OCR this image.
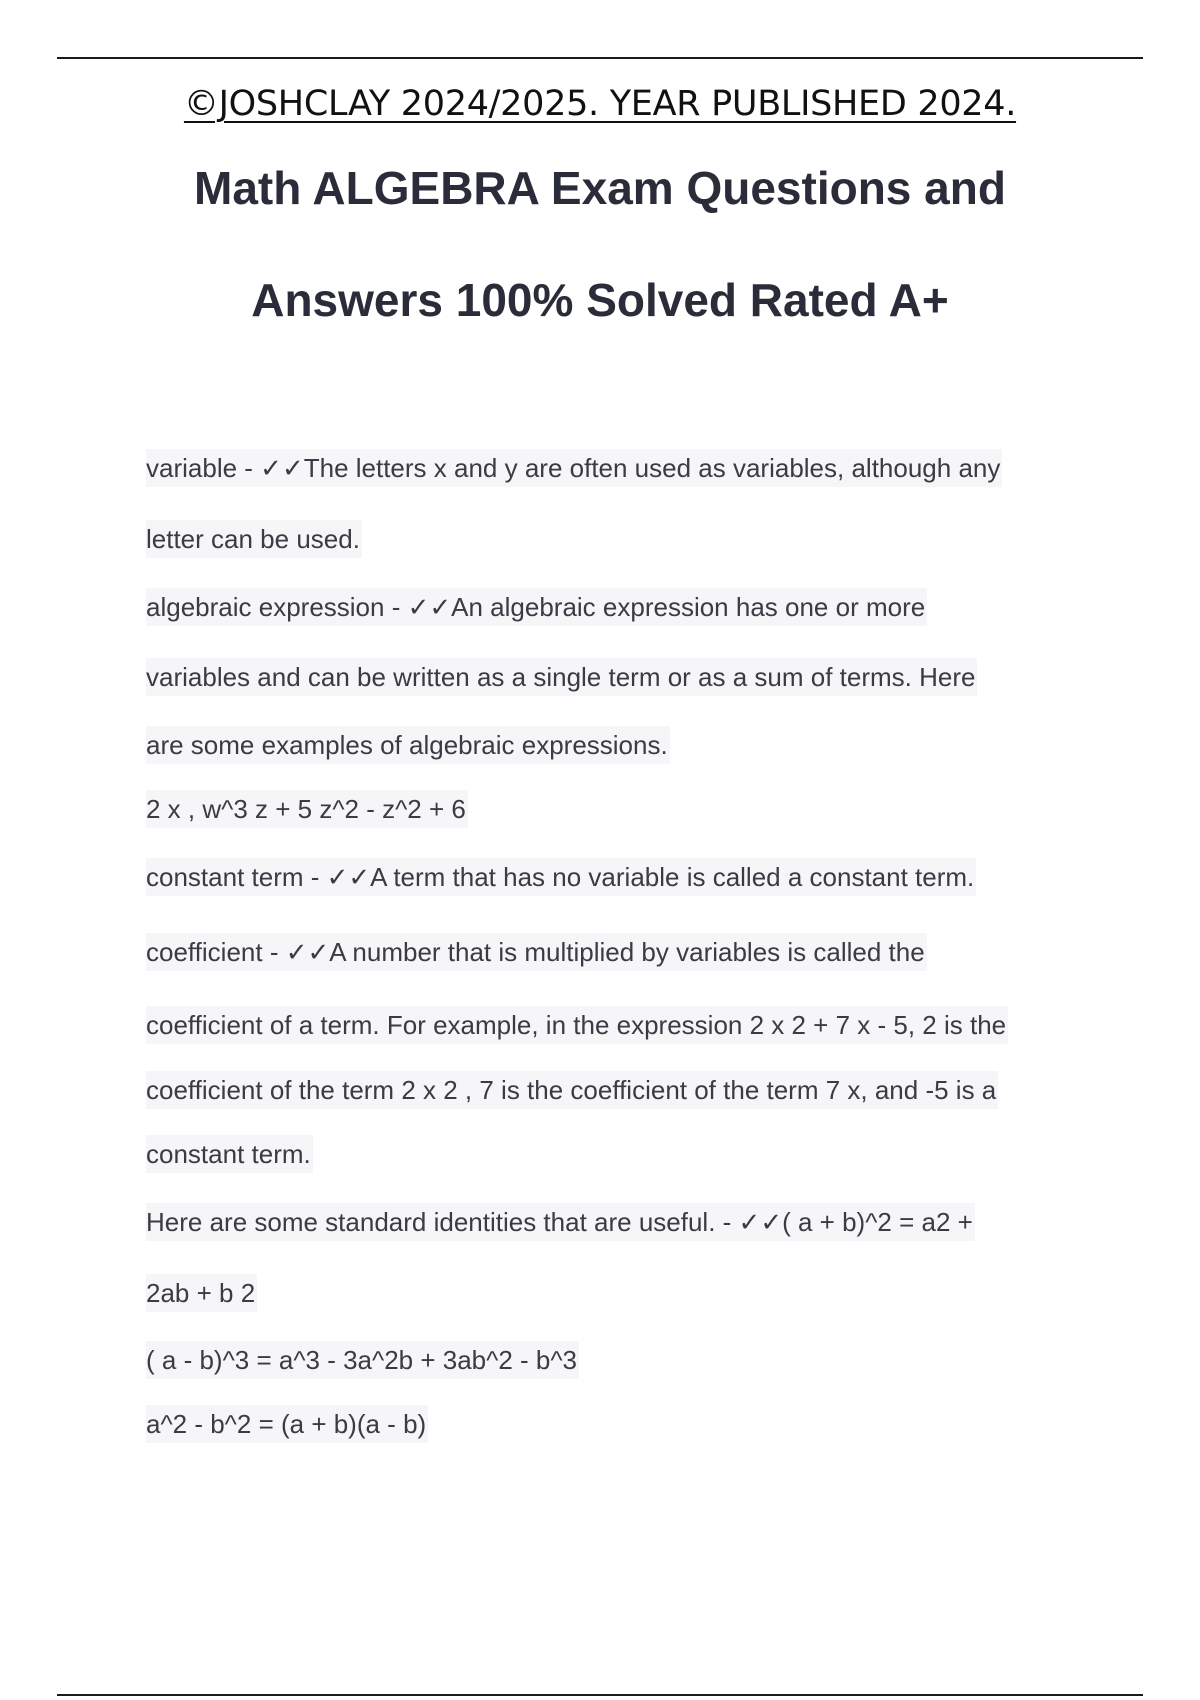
©JOSHCLAY 2024/2025. YEAR PUBLISHED 2024.
Math ALGEBRA Exam Questions and
Answers 100% Solved Rated A+
variable - ✓✓The letters x and y are often used as variables, although any
letter can be used.
algebraic expression - ✓✓An algebraic expression has one or more
variables and can be written as a single term or as a sum of terms. Here
are some examples of algebraic expressions.
2 x , w^3 z + 5 z^2 - z^2 + 6
constant term - ✓✓A term that has no variable is called a constant term.
coefficient - ✓✓A number that is multiplied by variables is called the
coefficient of a term. For example, in the expression 2 x 2 + 7 x - 5, 2 is the
coefficient of the term 2 x 2 , 7 is the coefficient of the term 7 x, and -5 is a
constant term.
Here are some standard identities that are useful. - ✓✓( a + b)^2 = a2 +
2ab + b 2
( a - b)^3 = a^3 - 3a^2b + 3ab^2 - b^3
a^2 - b^2 = (a + b)(a - b)
